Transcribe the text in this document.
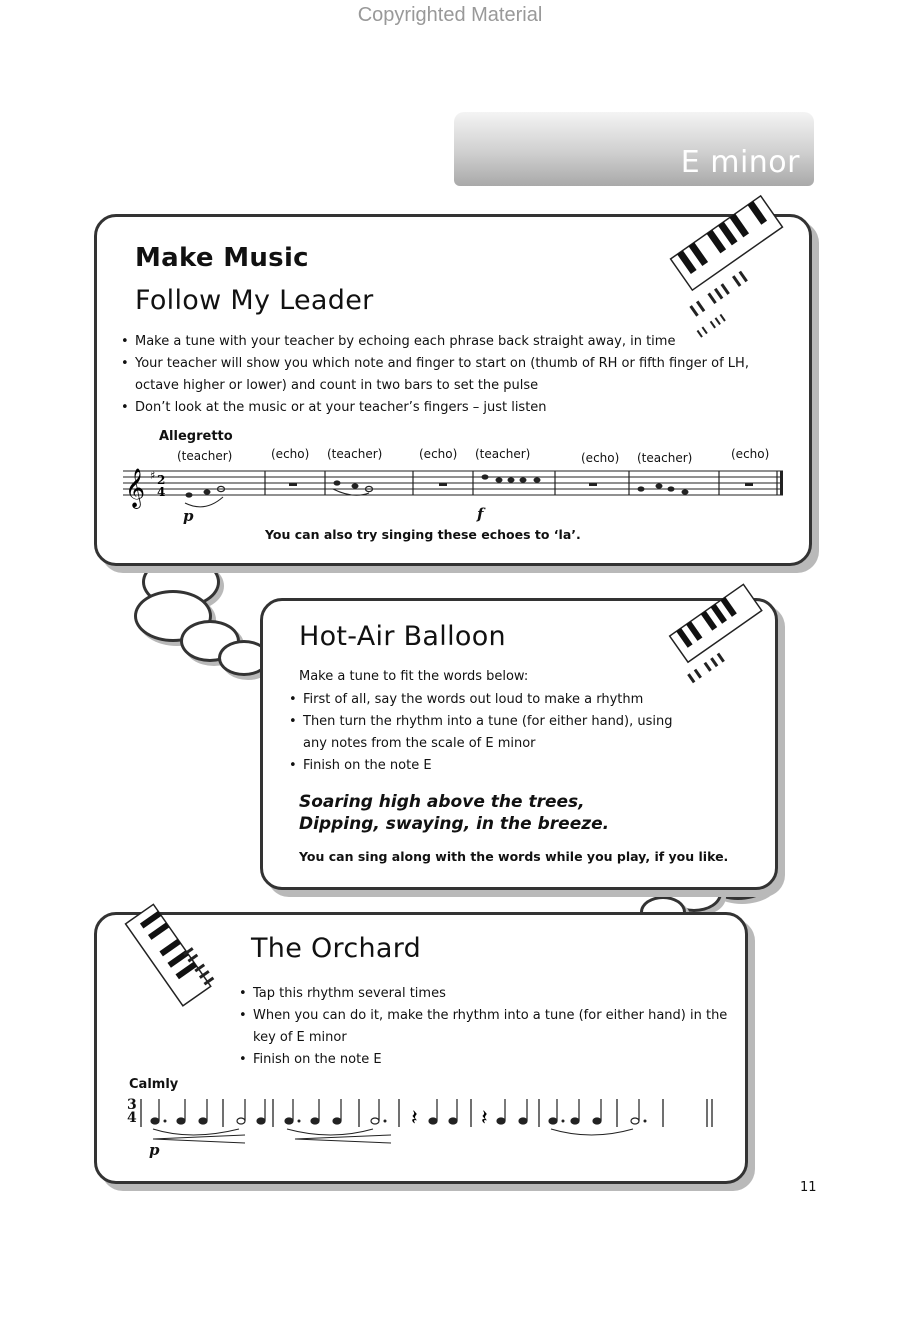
Copyrighted Material
E minor
Make Music
Follow My Leader
• Make a tune with your teacher by echoing each phrase back straight away, in time
• Your teacher will show you which note and finger to start on (thumb of RH or fifth finger of LH, octave higher or lower) and count in two bars to set the pulse
• Don’t look at the music or at your teacher’s fingers – just listen
Allegretto
(teacher)	(echo) (teacher)	(echo) (teacher)	(echo) (teacher)	(echo)
𝄞 ♯ 2
4
p	f
You can also try singing these echoes to ‘la’.
Hot-Air Balloon
Make a tune to fit the words below:
• First of all, say the words out loud to make a rhythm
• Then turn the rhythm into a tune (for either hand), using any notes from the scale of E minor
• Finish on the note E
Soaring high above the trees,
Dipping, swaying, in the breeze.
You can sing along with the words while you play, if you like.
The Orchard
• Tap this rhythm several times
• When you can do it, make the rhythm into a tune (for either hand) in the key of E minor
• Finish on the note E
Calmly
3
4	𝄽	𝄽
p
11
